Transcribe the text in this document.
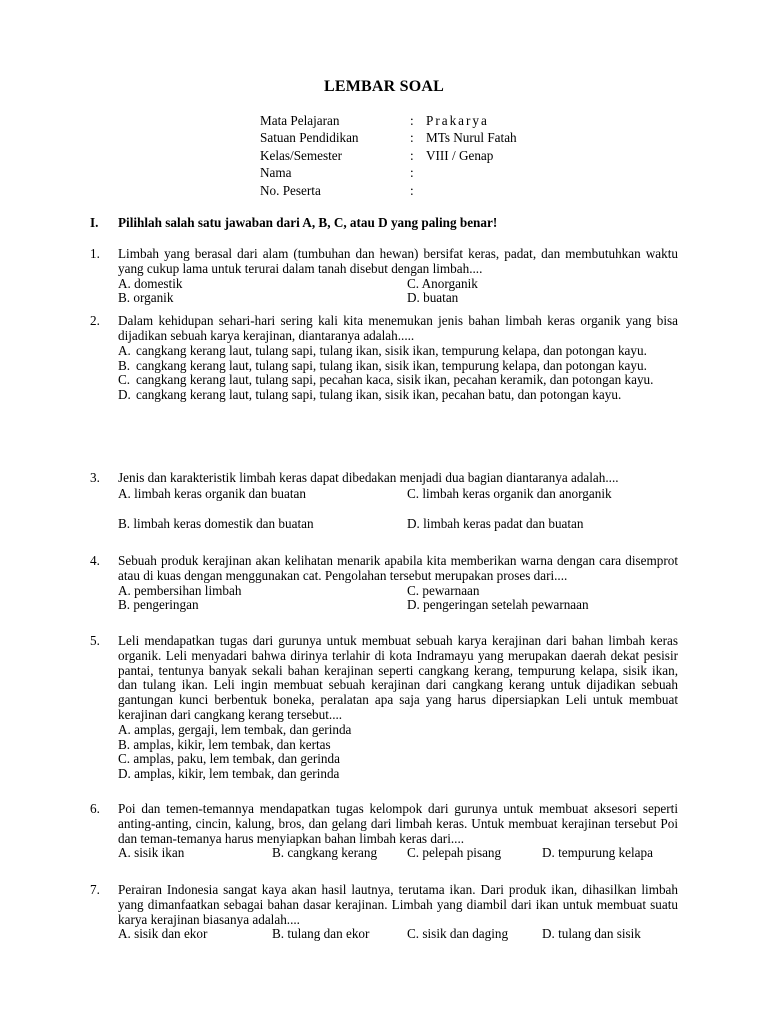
LEMBAR SOAL
Mata Pelajaran	: Prakarya
Satuan Pendidikan	: MTs Nurul Fatah
Kelas/Semester	: VIII / Genap
Nama	:
No. Peserta	:
I. Pilihlah salah satu jawaban dari A, B, C, atau D yang paling benar!
1. Limbah yang berasal dari alam (tumbuhan dan hewan) bersifat keras, padat, dan membutuhkan waktu yang cukup lama untuk terurai dalam tanah disebut dengan limbah....
A. domestik	C. Anorganik
B. organik	D. buatan
2. Dalam kehidupan sehari-hari sering kali kita menemukan jenis bahan limbah keras organik yang bisa dijadikan sebuah karya kerajinan, diantaranya adalah.....
A. cangkang kerang laut, tulang sapi, tulang ikan, sisik ikan, tempurung kelapa, dan potongan kayu.
B. cangkang kerang laut, tulang sapi, tulang ikan, sisik ikan, tempurung kelapa, dan potongan kayu.
C. cangkang kerang laut, tulang sapi, pecahan kaca, sisik ikan, pecahan keramik, dan potongan kayu.
D. cangkang kerang laut, tulang sapi, tulang ikan, sisik ikan, pecahan batu, dan potongan kayu.
3. Jenis dan karakteristik limbah keras dapat dibedakan menjadi dua bagian diantaranya adalah....
A. limbah keras organik dan buatan	C. limbah keras organik dan anorganik
B. limbah keras domestik dan buatan	D. limbah keras padat dan buatan
4. Sebuah produk kerajinan akan kelihatan menarik apabila kita memberikan warna dengan cara disemprot atau di kuas dengan menggunakan cat. Pengolahan tersebut merupakan proses dari....
A. pembersihan limbah	C. pewarnaan
B. pengeringan	D. pengeringan setelah pewarnaan
5. Leli mendapatkan tugas dari gurunya untuk membuat sebuah karya kerajinan dari bahan limbah keras organik. Leli menyadari bahwa dirinya terlahir di kota Indramayu yang merupakan daerah dekat pesisir pantai, tentunya banyak sekali bahan kerajinan seperti cangkang kerang, tempurung kelapa, sisik ikan, dan tulang ikan. Leli ingin membuat sebuah kerajinan dari cangkang kerang untuk dijadikan sebuah gantungan kunci berbentuk boneka, peralatan apa saja yang harus dipersiapkan Leli untuk membuat kerajinan dari cangkang kerang tersebut....
A. amplas, gergaji, lem tembak, dan gerinda
B. amplas, kikir, lem tembak, dan kertas
C. amplas, paku, lem tembak, dan gerinda
D. amplas, kikir, lem tembak, dan gerinda
6. Poi dan temen-temannya mendapatkan tugas kelompok dari gurunya untuk membuat aksesori seperti anting-anting, cincin, kalung, bros, dan gelang dari limbah keras. Untuk membuat kerajinan tersebut Poi dan teman-temanya harus menyiapkan bahan limbah keras dari....
A. sisik ikan	B. cangkang kerang C. pelepah pisang	D. tempurung kelapa
7. Perairan Indonesia sangat kaya akan hasil lautnya, terutama ikan. Dari produk ikan, dihasilkan limbah yang dimanfaatkan sebagai bahan dasar kerajinan. Limbah yang diambil dari ikan untuk membuat suatu karya kerajinan biasanya adalah....
A. sisik dan ekor	B. tulang dan ekor	C. sisik dan daging	D. tulang dan sisik
